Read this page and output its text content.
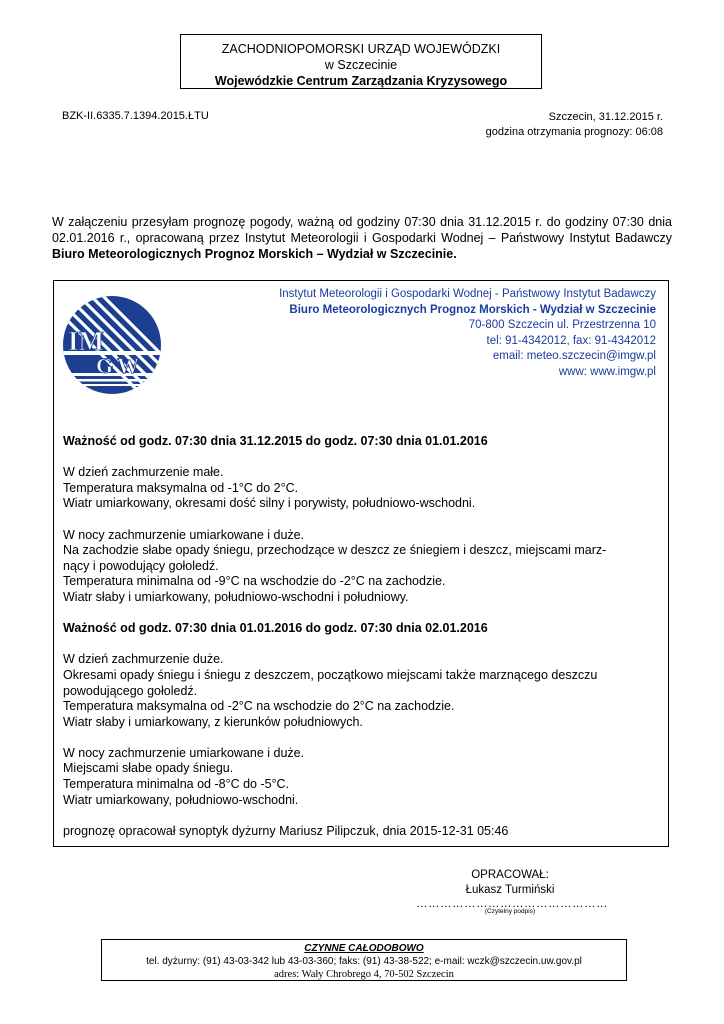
ZACHODNIOPOMORSKI URZĄD WOJEWÓDZKI
w Szczecinie
Wojewódzkie Centrum Zarządzania Kryzysowego
BZK-II.6335.7.1394.2015.ŁTU	Szczecin, 31.12.2015 r.
godzina otrzymania prognozy: 06:08
W załączeniu przesyłam prognozę pogody, ważną od godziny 07:30 dnia 31.12.2015 r. do godziny 07:30 dnia 02.01.2016 r., opracowaną przez Instytut Meteorologii i Gospodarki Wodnej – Państwowy Instytut Badawczy Biuro Meteorologicznych Prognoz Morskich – Wydział w Szczecinie.
IM
GW
Instytut Meteorologii i Gospodarki Wodnej - Państwowy Instytut Badawczy
Biuro Meteorologicznych Prognoz Morskich - Wydział w Szczecinie
70-800 Szczecin ul. Przestrzenna 10
tel: 91-4342012, fax: 91-4342012
email: meteo.szczecin@imgw.pl
www: www.imgw.pl

Ważność od godz. 07:30 dnia 31.12.2015 do godz. 07:30 dnia 01.01.2016

W dzień zachmurzenie małe.

Temperatura maksymalna od -1°C do 2°C.

Wiatr umiarkowany, okresami dość silny i porywisty, południowo-wschodni.

W nocy zachmurzenie umiarkowane i duże.

Na zachodzie słabe opady śniegu, przechodzące w deszcz ze śniegiem i deszcz, miejscami marz-

nący i powodujący gołoledź.

Temperatura minimalna od -9°C na wschodzie do -2°C na zachodzie.

Wiatr słaby i umiarkowany, południowo-wschodni i południowy.

Ważność od godz. 07:30 dnia 01.01.2016 do godz. 07:30 dnia 02.01.2016

W dzień zachmurzenie duże.

Okresami opady śniegu i śniegu z deszczem, początkowo miejscami także marznącego deszczu

powodującego gołoledź.

Temperatura maksymalna od -2°C na wschodzie do 2°C na zachodzie.

Wiatr słaby i umiarkowany, z kierunków południowych.

W nocy zachmurzenie umiarkowane i duże.

Miejscami słabe opady śniegu.

Temperatura minimalna od -8°C do -5°C.

Wiatr umiarkowany, południowo-wschodni.

prognozę opracował synoptyk dyżurny Mariusz Pilipczuk, dnia 2015-12-31 05:46

OPRACOWAŁ:
Łukasz Turmiński
…………………………………………
(Czytelny podpis)
CZYNNE CAŁODOBOWO
tel. dyżurny: (91) 43-03-342 lub 43-03-360; faks: (91) 43-38-522; e-mail: wczk@szczecin.uw.gov.pl
adres: Wały Chrobrego 4, 70-502 Szczecin
